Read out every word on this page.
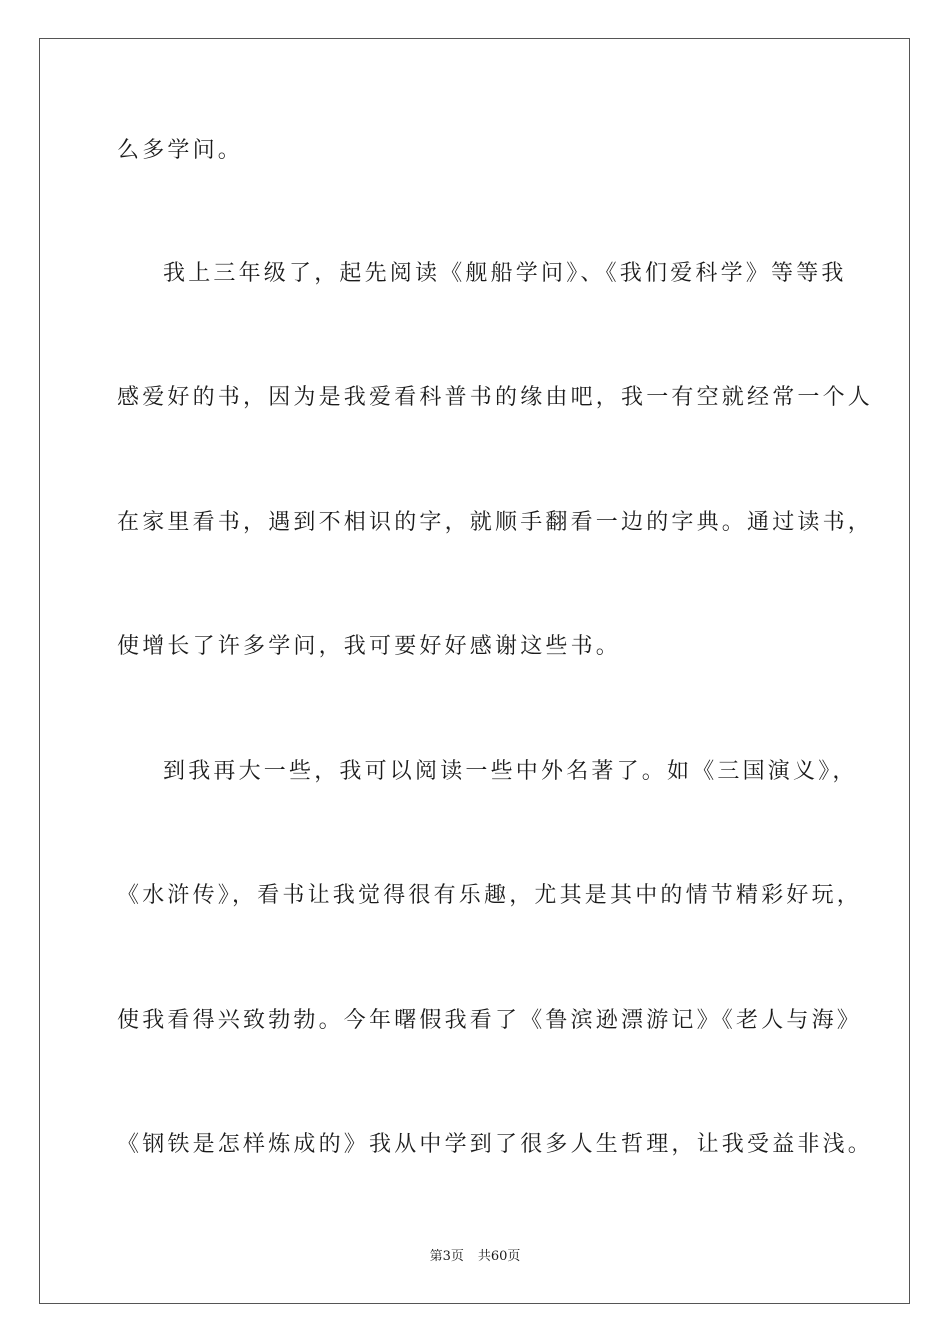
么多学问。
我上三年级了，起先阅读《舰船学问》、《我们爱科学》等等我
感爱好的书，因为是我爱看科普书的缘由吧，我一有空就经常一个人
在家里看书，遇到不相识的字，就顺手翻看一边的字典。通过读书，
使增长了许多学问，我可要好好感谢这些书。
到我再大一些，我可以阅读一些中外名著了。如《三国演义》，
《水浒传》，看书让我觉得很有乐趣，尤其是其中的情节精彩好玩，
使我看得兴致勃勃。今年曙假我看了《鲁滨逊漂游记》《老人与海》
《钢铁是怎样炼成的》我从中学到了很多人生哲理，让我受益非浅。
第3页 共60页
